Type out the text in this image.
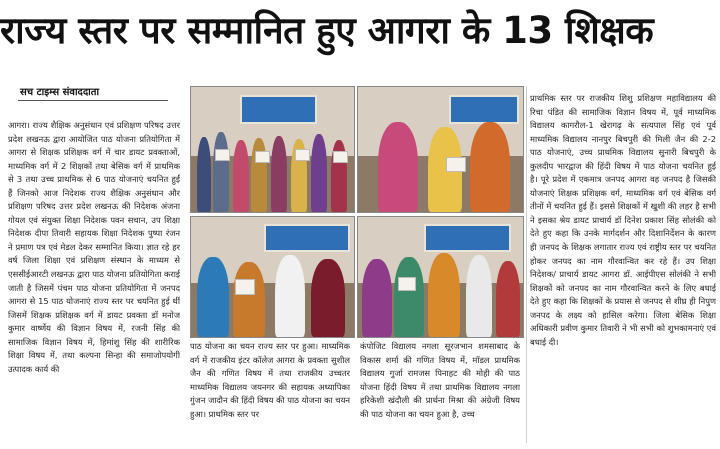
राज्य स्तर पर सम्मानित हुए आगरा के 13 शिक्षक
सच टाइम्स संवाददाता

आगरा। राज्य शैक्षिक अनुसंधान एवं प्रशिक्षण परिषद उत्तर प्रदेश लखनऊ द्वारा आयोजित पाठ योजना प्रतियोगिता में आगरा से शिक्षक प्रशिक्षक वर्ग में चार डायट प्रवक्ताओं, माध्यमिक वर्ग में 2 शिक्षकों तथा बेसिक वर्ग में प्राथमिक से 3 तथा उच्च प्राथमिक से 6 पाठ योजनाएं चयनित हुईं हैं जिनको आज निदेशक राज्य शैक्षिक अनुसंधान और प्रशिक्षण परिषद उत्तर प्रदेश लखनऊ की निदेशक अंजना गोयल एवं संयुक्त शिक्षा निदेशक पवन सचान, उप शिक्षा निदेशक दीपा तिवारी सहायक शिक्षा निदेशक पुष्पा रंजन ने प्रमाण पत्र एवं मेडल देकर सम्मानित किया। ज्ञात रहे हर वर्ष जिला शिक्षा एवं प्रशिक्षण संस्थान के माध्यम से एससीईआरटी लखनऊ द्वारा पाठ योजना प्रतियोगिता कराई जाती है जिसमें पंचम पाठ योजना प्रतियोगिता में जनपद आगरा से 15 पाठ योजनाएं राज्य स्तर पर चयनित हुई थीं जिसमें शिक्षक प्रशिक्षक वर्ग में डायट प्रवक्ता डॉ मनोज कुमार वार्ष्णेय की विज्ञान विषय में, रजनी सिंह की सामाजिक विज्ञान विषय में, हिमांशु सिंह की शारीरिक शिक्षा विषय में, तथा कल्पना सिन्हा की समाजोपयोगी उत्पादक कार्य की

पाठ योजना का चयन राज्य स्तर पर हुआ। माध्यमिक वर्ग में राजकीय इंटर कॉलेज आगरा के प्रवक्ता सुशील जैन की गणित विषय में तथा राजकीय उच्चतर माध्यमिक विद्यालय जयनगर की सहायक अध्यापिका गुंजन जादौन की हिंदी विषय की पाठ योजना का चयन हुआ। प्राथमिक स्तर पर

कंपोजिट विद्यालय नगला सूरजभान शमसाबाद के विकास शर्मा की गणित विषय में, मॉडल प्राथमिक विद्यालय गुर्जा रामजस पिनाहट की मोही की पाठ योजना हिंदी विषय में तथा प्राथमिक विद्यालय नगला हरिकेशी खंदौली की प्रार्थना मिश्रा की अंग्रेजी विषय की पाठ योजना का चयन हुआ है, उच्च

प्राथमिक स्तर पर राजकीय शिशु प्रशिक्षण महाविद्यालय की रिचा पंडित की सामाजिक विज्ञान विषय में, पूर्व माध्यमिक विद्यालय कागरौल-1 खेरागढ़ के सत्यपाल सिंह एवं पूर्व माध्यमिक विद्यालय नानपुर बिचपुरी की मिली जैन की 2-2 पाठ योजनाएं, उच्च प्राथमिक विद्यालय सुनारी बिचपुरी के कुलदीप भारद्वाज की हिंदी विषय में पाठ योजना चयनित हुई है। पूरे प्रदेश में एकमात्र जनपद आगरा वह जनपद है जिसकी योजनाएं शिक्षक प्रशिक्षक वर्ग, माध्यमिक वर्ग एवं बेसिक वर्ग तीनों में चयनित हुई हैं। इससे शिक्षकों में खुशी की लहर है सभी ने इसका श्रेय डायट प्राचार्य डॉ दिनेश प्रकाश सिंह सोलंकी को देते हुए कहा कि उनके मार्गदर्शन और दिशानिर्देशन के कारण ही जनपद के शिक्षक लगातार राज्य एवं राष्ट्रीय स्तर पर चयनित होकर जनपद का नाम गौरवान्वित कर रहे हैं। उप शिक्षा निदेशक/ प्राचार्य डायट आगरा डॉ. आईपीएस सोलंकी ने सभी शिक्षकों को जनपद का नाम गौरवान्वित करने के लिए बधाई देते हुए कहा कि शिक्षकों के प्रयास से जनपद से शीघ्र ही निपुण जनपद के लक्ष्य को हासिल करेगा। जिला बेसिक शिक्षा अधिकारी प्रवीण कुमार तिवारी ने भी सभी को शुभकामनाएं एवं बधाई दी।
